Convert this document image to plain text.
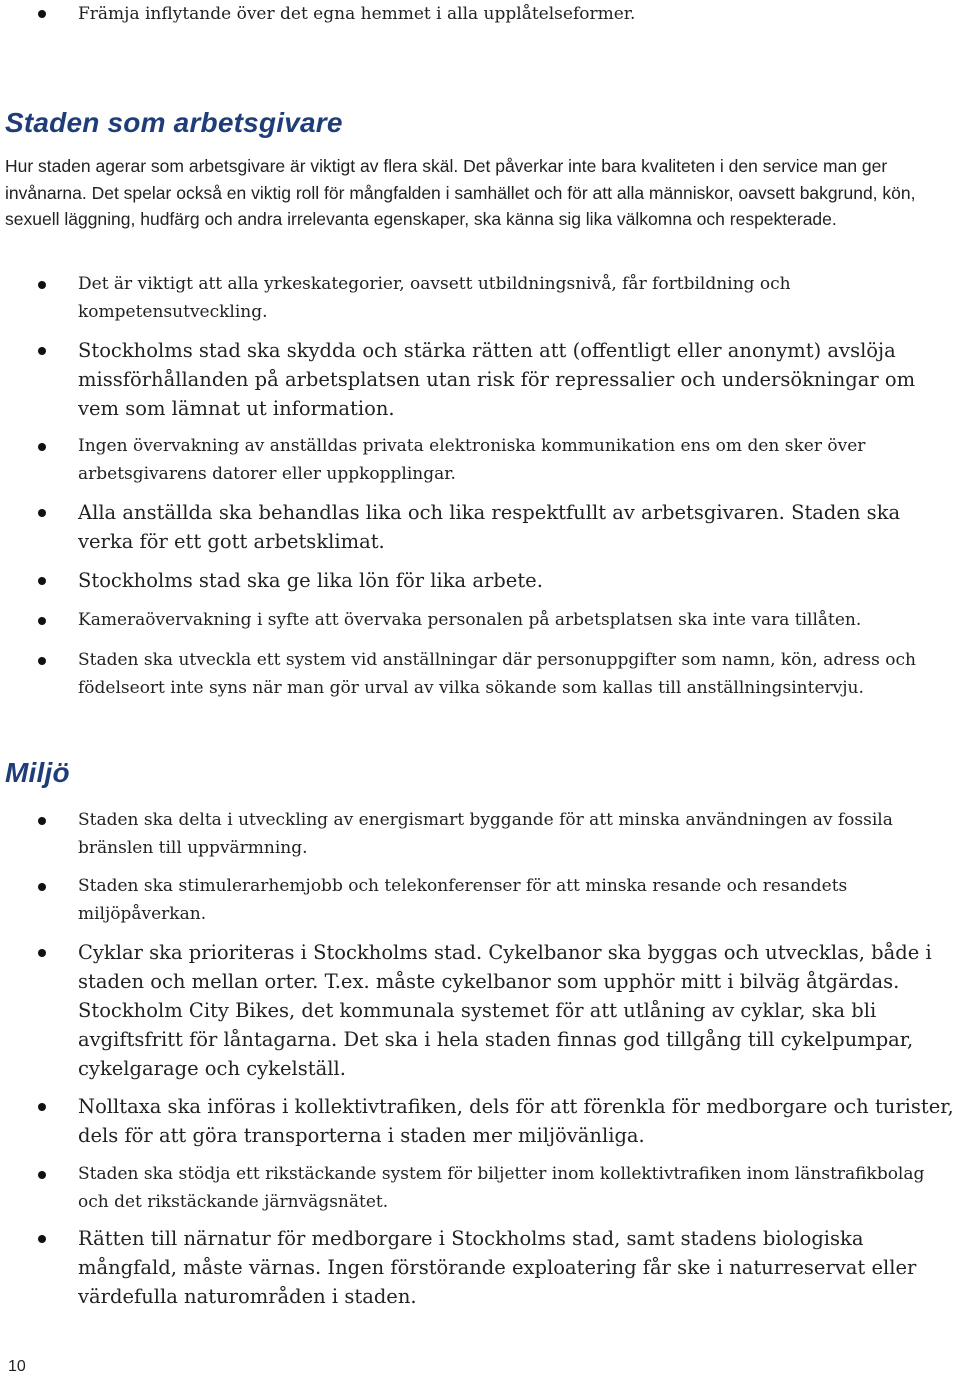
Främja inflytande över det egna hemmet i alla upplåtelseformer.
Staden som arbetsgivare
Hur staden agerar som arbetsgivare är viktigt av flera skäl. Det påverkar inte bara kvaliteten i den service man ger invånarna. Det spelar också en viktig roll för mångfalden i samhället och för att alla människor, oavsett bakgrund, kön, sexuell läggning, hudfärg och andra irrelevanta egenskaper, ska känna sig lika välkomna och respekterade.
Det är viktigt att alla yrkeskategorier, oavsett utbildningsnivå, får fortbildning och kompetensutveckling.
Stockholms stad ska skydda och stärka rätten att (offentligt eller anonymt) avslöja missförhållanden på arbetsplatsen utan risk för repressalier och undersökningar om vem som lämnat ut information.
Ingen övervakning av anställdas privata elektroniska kommunikation ens om den sker över arbetsgivarens datorer eller uppkopplingar.
Alla anställda ska behandlas lika och lika respektfullt av arbetsgivaren. Staden ska verka för ett gott arbetsklimat.
Stockholms stad ska ge lika lön för lika arbete.
Kameraövervakning i syfte att övervaka personalen på arbetsplatsen ska inte vara tillåten.
Staden ska utveckla ett system vid anställningar där personuppgifter som namn, kön, adress och födelseort inte syns när man gör urval av vilka sökande som kallas till anställningsintervju.
Miljö
Staden ska delta i utveckling av energismart byggande för att minska användningen av fossila bränslen till uppvärmning.
Staden ska stimulerarhemjobb och telekonferenser för att minska resande och resandets miljöpåverkan.
Cyklar ska prioriteras i Stockholms stad. Cykelbanor ska byggas och utvecklas, både i staden och mellan orter. T.ex. måste cykelbanor som upphör mitt i bilväg åtgärdas. Stockholm City Bikes, det kommunala systemet för att utlåning av cyklar, ska bli avgiftsfritt för låntagarna. Det ska i hela staden finnas god tillgång till cykelpumpar, cykelgarage och cykelställ.
Nolltaxa ska införas i kollektivtrafiken, dels för att förenkla för medborgare och turister, dels för att göra transporterna i staden mer miljövänliga.
Staden ska stödja ett rikstäckande system för biljetter inom kollektivtrafiken inom länstrafikbolag och det rikstäckande järnvägsnätet.
Rätten till närnatur för medborgare i Stockholms stad, samt stadens biologiska mångfald, måste värnas. Ingen förstörande exploatering får ske i naturreservat eller värdefulla naturområden i staden.
10
